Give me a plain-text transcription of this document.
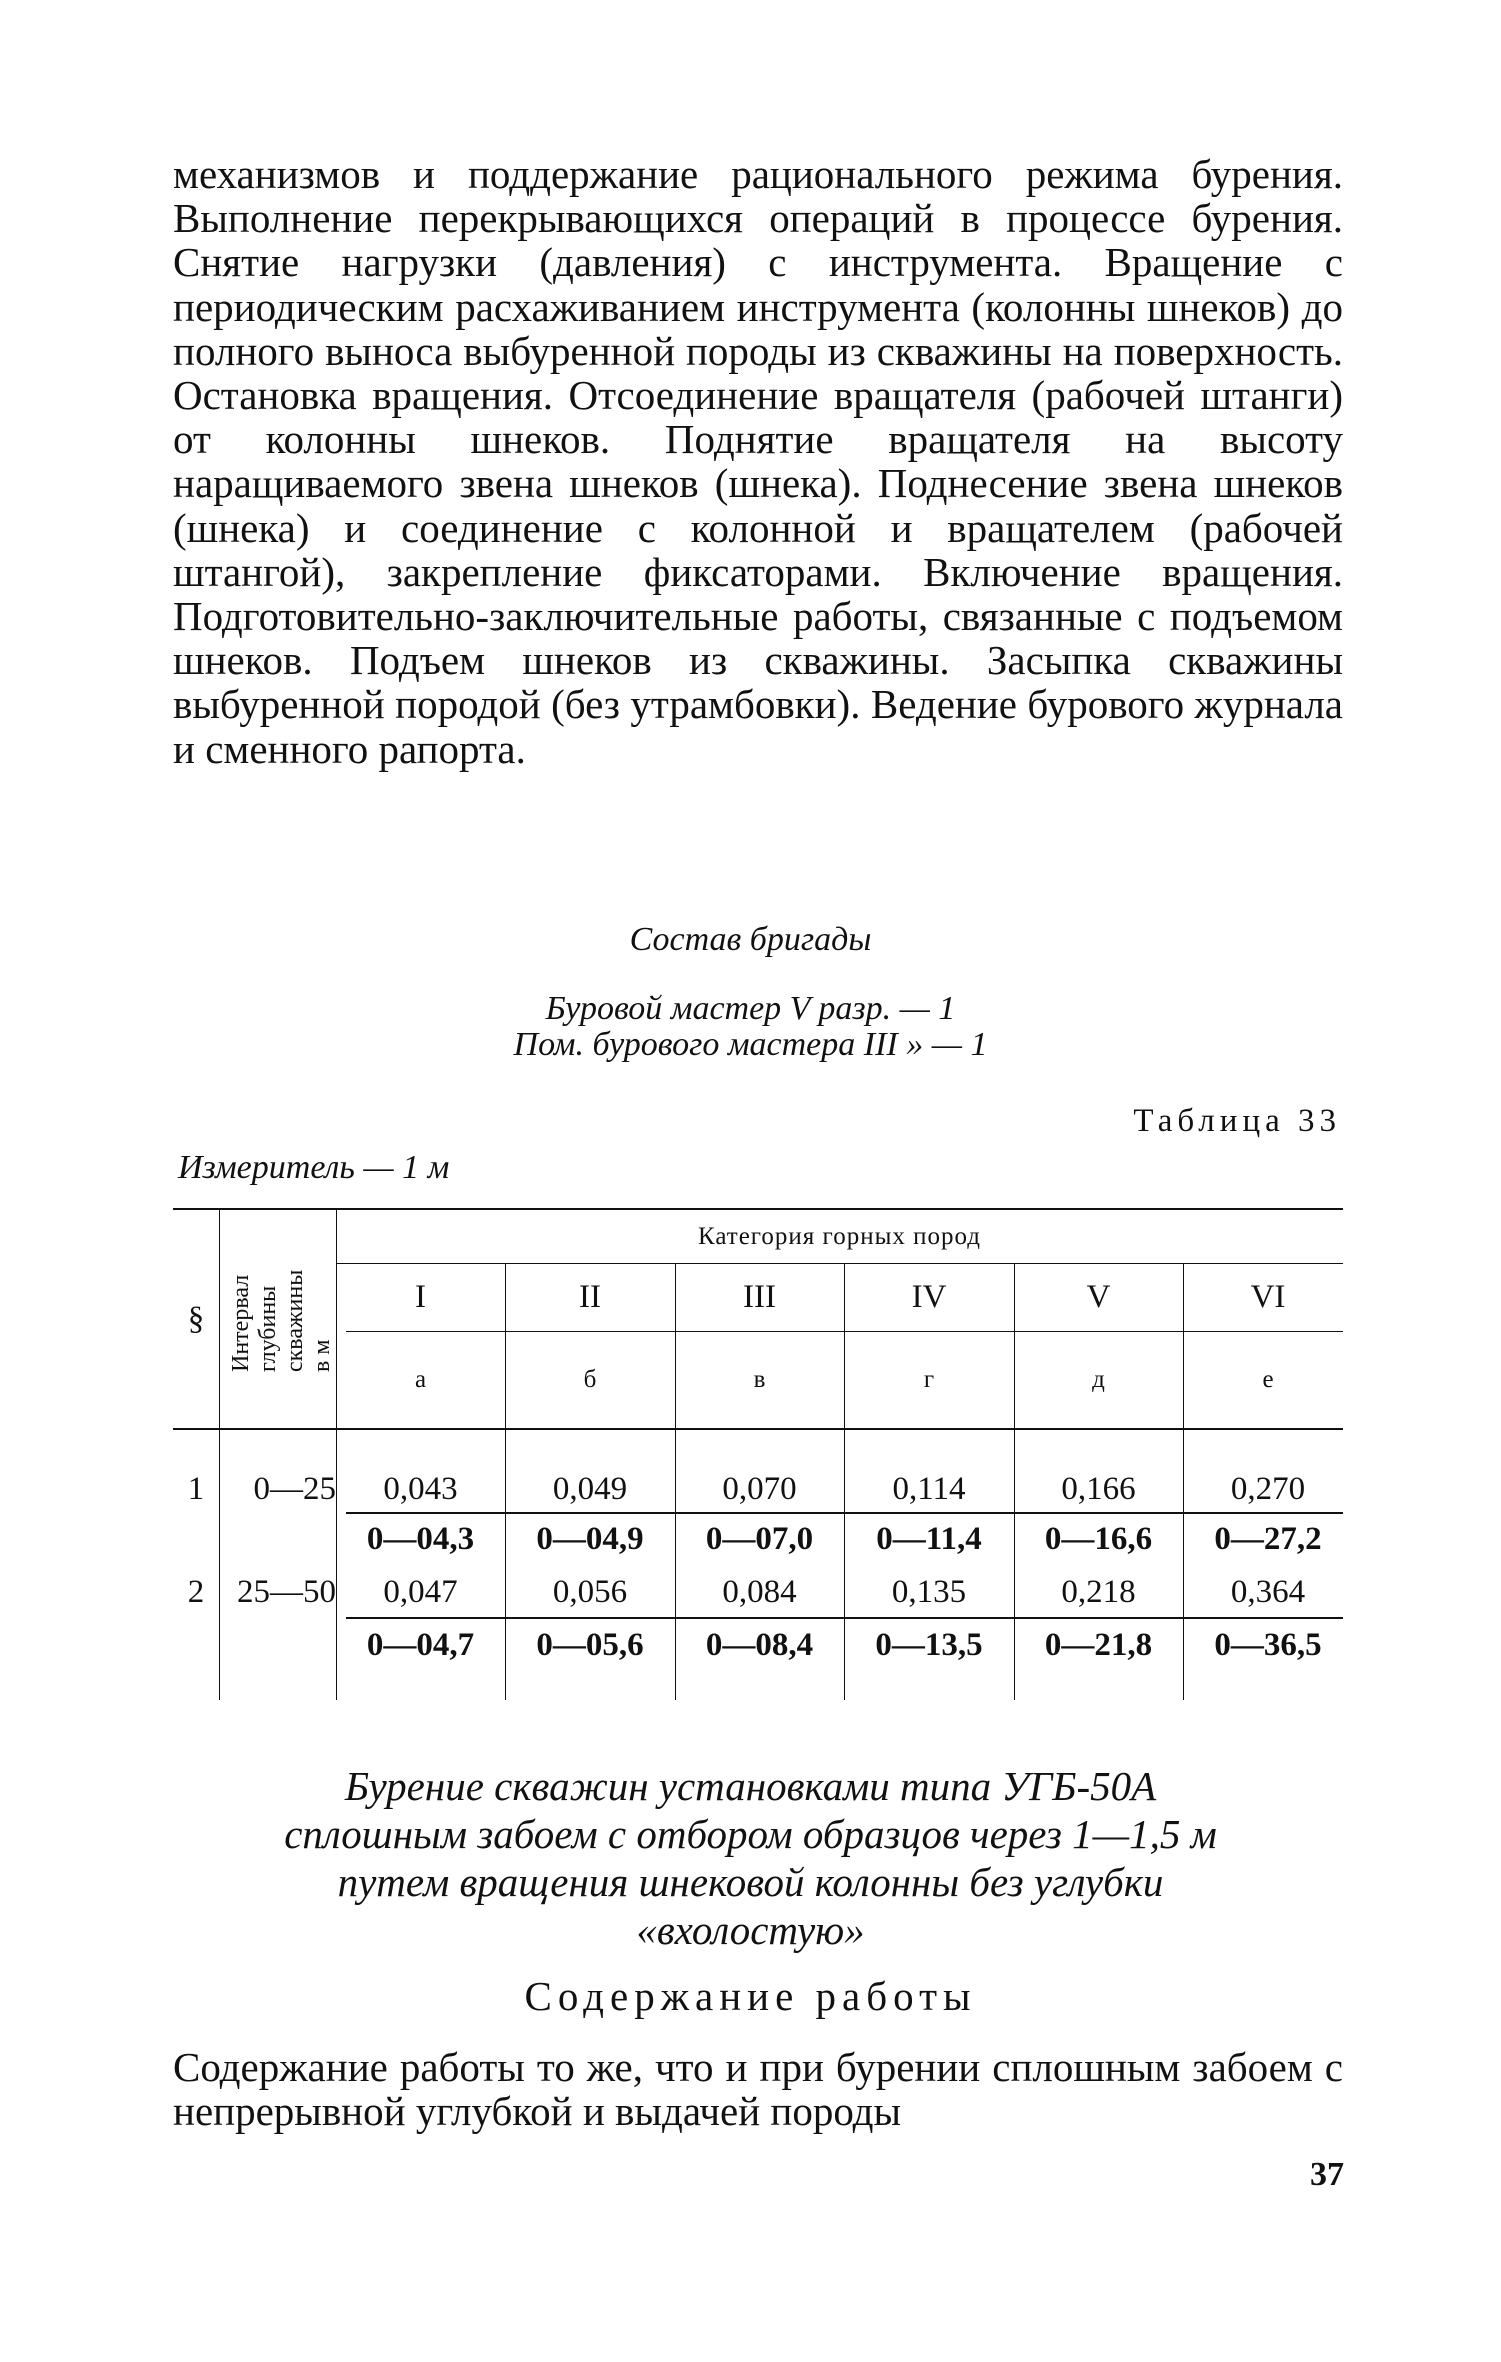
механизмов и поддержание рационального режима бурения. Выполнение перекрывающихся операций в процессе бурения. Снятие нагрузки (давления) с инструмента. Вращение с периодическим расхаживанием инструмента (колонны шнеков) до полного выноса выбуренной породы из скважины на поверхность. Остановка вращения. Отсоединение вращателя (рабочей штанги) от колонны шнеков. Поднятие вращателя на высоту наращиваемого звена шнеков (шнека). Поднесение звена шнеков (шнека) и соединение с колонной и вращателем (рабочей штангой), закрепление фиксаторами. Включение вращения. Подготовительно-заключительные работы, связанные с подъемом шнеков. Подъем шнеков из скважины. Засыпка скважины выбуренной породой (без утрамбовки). Ведение бурового журнала и сменного рапорта.
Состав бригады
Буровой мастер V разр. — 1
Пом. бурового мастера III » — 1
Таблица 33
Измеритель — 1 м
§ Интервал глубины скважины в м
Категория горных пород
I	II	III	IV	V	VI
а	б	в	г	д	е
1	0—25	0,043	0,049	0,070	0,114	0,166	0,270
0—04,3	0—04,9	0—07,0	0—11,4	0—16,6	0—27,2
2 25—50	0,047	0,056	0,084	0,135	0,218	0,364
0—04,7	0—05,6	0—08,4	0—13,5	0—21,8	0—36,5
Бурение скважин установками типа УГБ-50А
сплошным забоем с отбором образцов через 1—1,5 м
путем вращения шнековой колонны без углубки
«вхолостую»
Содержание работы
Содержание работы то же, что и при бурении сплошным забоем с непрерывной углубкой и выдачей породы
37
